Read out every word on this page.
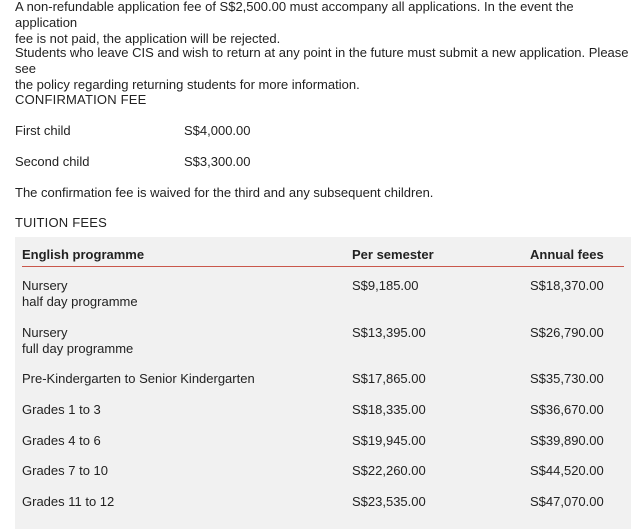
A non-refundable application fee of S$2,500.00 must accompany all applications. In the event the application
fee is not paid, the application will be rejected.

Students who leave CIS and wish to return at any point in the future must submit a new application. Please see
the policy regarding returning students for more information.

CONFIRMATION FEE
First child	S$4,000.00
Second child	S$3,300.00

The confirmation fee is waived for the third and any subsequent children.

TUITION FEES
English programme	Per semester	Annual fees
Nursery
half day programme
S$9,185.00	S$18,370.00
Nursery
full day programme
S$13,395.00	S$26,790.00
Pre-Kindergarten to Senior Kindergarten	S$17,865.00	S$35,730.00
Grades 1 to 3	S$18,335.00	S$36,670.00
Grades 4 to 6	S$19,945.00	S$39,890.00
Grades 7 to 10	S$22,260.00	S$44,520.00
Grades 11 to 12	S$23,535.00	S$47,070.00
